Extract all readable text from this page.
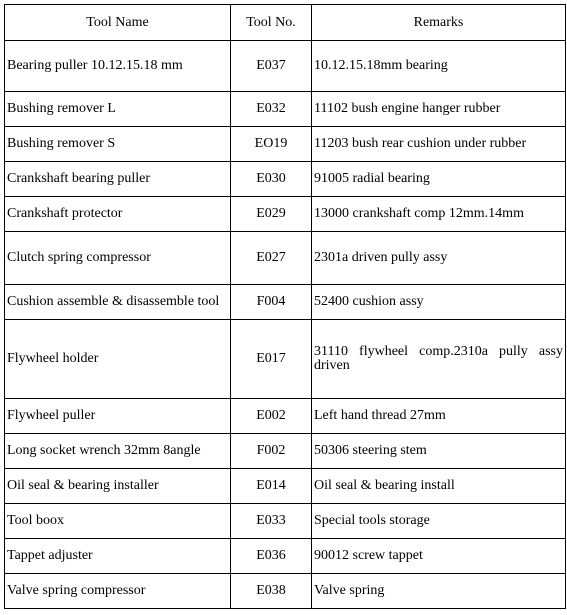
Tool Name	Tool No.	Remarks
Bearing puller 10.12.15.18 mm	E037	10.12.15.18mm bearing
Bushing remover L	E032	11102 bush engine hanger rubber
Bushing remover S	EO19	11203 bush rear cushion under rubber
Crankshaft bearing puller	E030	91005 radial bearing
Crankshaft protector	E029	13000 crankshaft comp 12mm.14mm
Clutch spring compressor	E027	2301a driven pully assy
Cushion assemble & disassemble tool	F004	52400 cushion assy
Flywheel holder	E017	31110 flywheel comp.2310a pully assy driven
Flywheel puller	E002	Left hand thread 27mm
Long socket wrench 32mm 8angle	F002	50306 steering stem
Oil seal & bearing installer	E014	Oil seal & bearing install
Tool boox	E033	Special tools storage
Tappet adjuster	E036	90012 screw tappet
Valve spring compressor	E038	Valve spring
